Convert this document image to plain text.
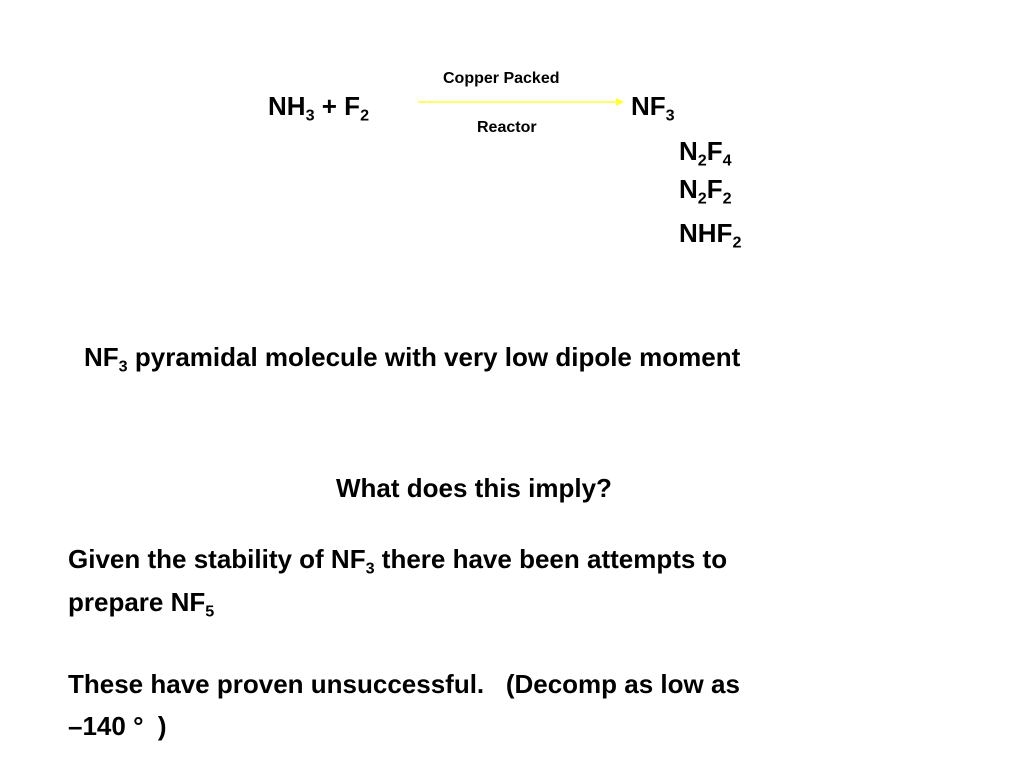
$NH_3 + F_2$
Copper Packed
Reactor
$NF_3$
$N_2F_4$
$N_2F_2$
$NHF_2$
$NF_3$ pyramidal molecule with very low dipole moment
What does this imply?
Given the stability of $NF_3$ there have been attempts to
prepare $NF_5$
These have proven unsuccessful.   (Decomp as low as
–140 °  )
